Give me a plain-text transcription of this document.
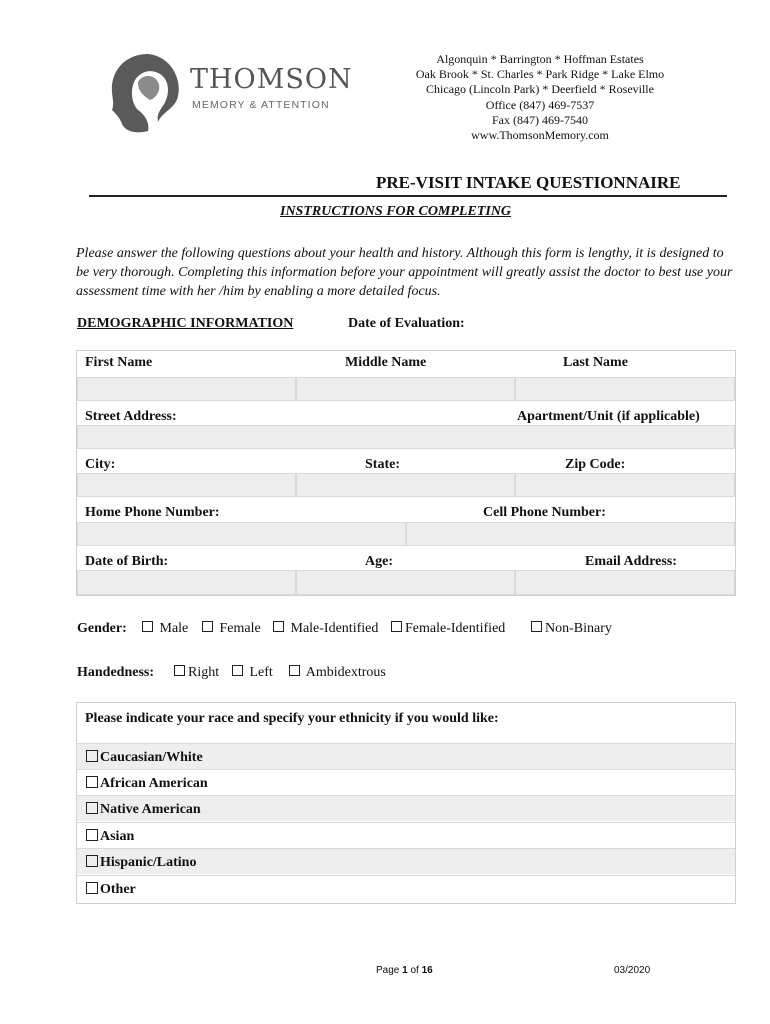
THOMSON
MEMORY & ATTENTION
Algonquin * Barrington * Hoffman Estates
Oak Brook * St. Charles * Park Ridge * Lake Elmo
Chicago (Lincoln Park) * Deerfield * Roseville
Office (847) 469-7537
Fax (847) 469-7540
www.ThomsonMemory.com
PRE-VISIT INTAKE QUESTIONNAIRE
INSTRUCTIONS FOR COMPLETING
Please answer the following questions about your health and history. Although this form is lengthy, it is designed to be very thorough. Completing this information before your appointment will greatly assist the doctor to best use your assessment time with her /him by enabling a more detailed focus.
DEMOGRAPHIC INFORMATION	Date of Evaluation:
First Name	Middle Name	Last Name
Street Address:	Apartment/Unit (if applicable)
City:	State:	Zip Code:
Home Phone Number:	Cell Phone Number:
Date of Birth:	Age:	Email Address:
Gender:	Male	Female	Male-Identified	Female-Identified	Non-Binary
Handedness:	Right	Left	Ambidextrous
Please indicate your race and specify your ethnicity if you would like:
Caucasian/White
African American
Native American
Asian
Hispanic/Latino
Other
Page 1 of 16	03/2020
